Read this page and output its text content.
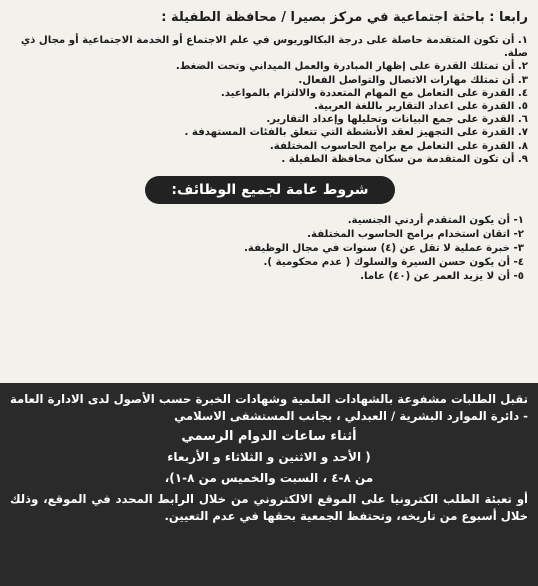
رابعا : باحثة اجتماعية في مركز بصيرا / محافظة الطفيلة :
١. أن تكون المتقدمة حاصلة على درجة البكالوريوس في علم الاجتماع أو الخدمة الاجتماعية أو مجال ذي صلة.
٢. أن تمتلك القدرة على إظهار المبادرة والعمل الميداني وتحت الضغط.
٣. أن تمتلك مهارات الاتصال والتواصل الفعال.
٤. القدرة على التعامل مع المهام المتعددة والالتزام بالمواعيد.
٥. القدرة على اعداد التقارير باللغة العربية.
٦. القدرة على جمع البيانات وتحليلها وإعداد التقارير.
٧. القدرة على التجهيز لعقد الأنشطة التي تتعلق بالفئات المستهدفة .
٨. القدرة على التعامل مع برامج الحاسوب المختلفة.
٩. أن تكون المتقدمة من سكان محافظة الطفيلة .
شروط عامة لجميع الوظائف:
١- أن يكون المتقدم أردني الجنسية.
٢- اتقان استخدام برامج الحاسوب المختلفة.
٣- خبرة عملية لا تقل عن (٤) سنوات في مجال الوظيفة.
٤- أن يكون حسن السيرة والسلوك ( عدم محكومية ).
٥- أن لا يزيد العمر عن (٤٠) عاما.
تقبل الطلبات مشفوعة بالشهادات العلمية وشهادات الخبرة حسب الأصول لدى الادارة العامة - دائرة الموارد البشرية / العبدلي ، بجانب المستشفى الاسلامي
أثناء ساعات الدوام الرسمي
( الأحد و الاثنين و الثلاثاء و الأربعاء
من ٨-٤ ، السبت والخميس من ٨-١)،
أو تعبئة الطلب الكترونيا على الموقع الالكتروني من خلال الرابط المحدد في الموقع، وذلك خلال أسبوع من تاريخه، وتحتفظ الجمعية بحقها في عدم التعيين.
